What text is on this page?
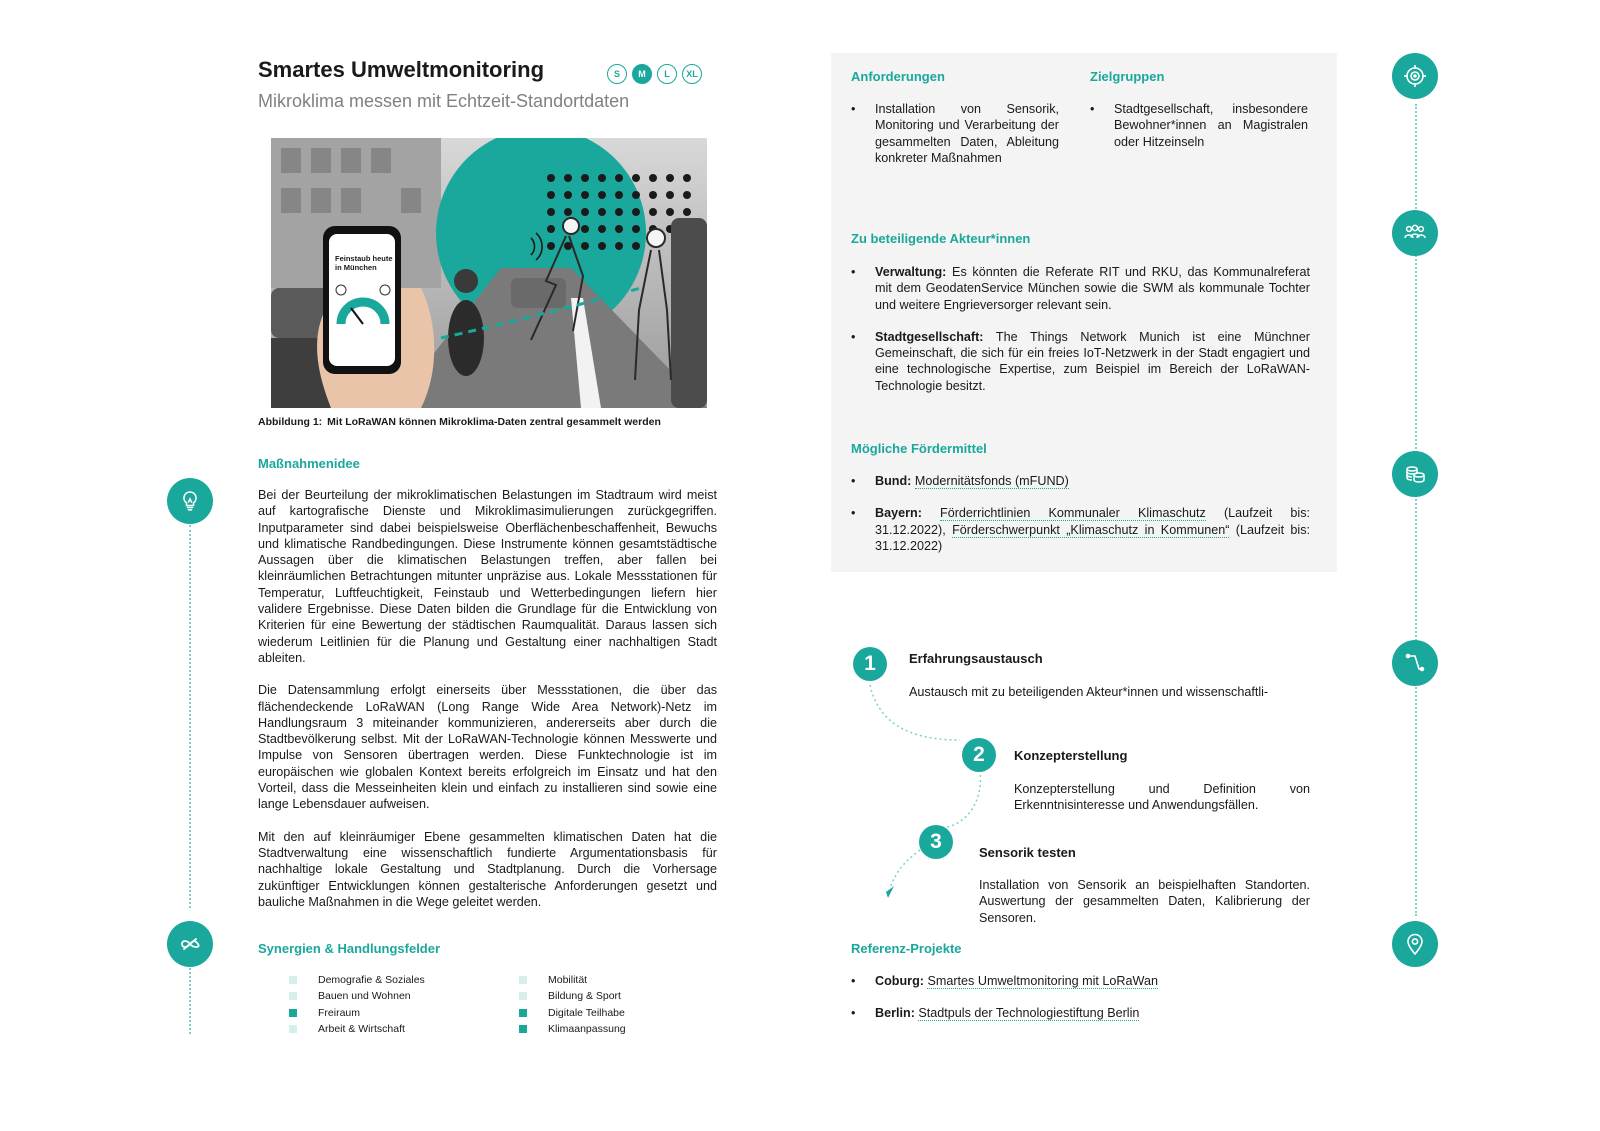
Smartes Umweltmonitoring	S	M	L	XL

Mikroklima messen mit Echtzeit-Standortdaten

Feinstaub heute in München
Abbildung 1: Mit LoRaWAN können Mikroklima-Daten zentral gesammelt werden
Maßnahmenidee

Bei der Beurteilung der mikroklimatischen Belastungen im Stadtraum wird meist auf kartografische Dienste und Mikroklimasimulierungen zurückgegriffen. Inputparameter sind dabei beispielsweise Oberflächenbeschaffenheit, Bewuchs und klimatische Randbedingungen. Diese Instrumente können gesamtstädtische Aussagen über die klimatischen Belastungen treffen, aber fallen bei kleinräumlichen Betrachtungen mitunter unpräzise aus. Lokale Messstationen für Temperatur, Luftfeuchtigkeit, Feinstaub und Wetterbedingungen liefern hier validere Ergebnisse. Diese Daten bilden die Grundlage für die Entwicklung von Kriterien für eine Bewertung der städtischen Raumqualität. Daraus lassen sich wiederum Leitlinien für die Planung und Gestaltung einer nachhaltigen Stadt ableiten.

Die Datensammlung erfolgt einerseits über Messstationen, die über das flächendeckende LoRaWAN (Long Range Wide Area Network)-Netz im Handlungsraum 3 miteinander kommunizieren, andererseits aber durch die Stadtbevölkerung selbst. Mit der LoRaWAN-Technologie können Messwerte und Impulse von Sensoren übertragen werden. Diese Funktechnologie ist im europäischen wie globalen Kontext bereits erfolgreich im Einsatz und hat den Vorteil, dass die Messeinheiten klein und einfach zu installieren sind sowie eine lange Lebensdauer aufweisen.

Mit den auf kleinräumiger Ebene gesammelten klimatischen Daten hat die Stadtverwaltung eine wissenschaftlich fundierte Argumentationsbasis für nachhaltige lokale Gestaltung und Stadtplanung. Durch die Vorhersage zukünftiger Entwicklungen können gestalterische Anforderungen gesetzt und bauliche Maßnahmen in die Wege geleitet werden.

Synergien & Handlungsfelder
Demografie & Soziales
Bauen und Wohnen
Freiraum
Arbeit & Wirtschaft
Mobilität
Bildung & Sport
Digitale Teilhabe
Klimaanpassung
Anforderungen
• Installation von Sensorik, Monitoring und Verarbeitung der gesammelten Daten, Ableitung konkreter Maßnahmen
Zielgruppen
• Stadtgesellschaft, insbesondere Bewohner*innen an Magistralen oder Hitzeinseln
Zu beteiligende Akteur*innen
• Verwaltung: Es könnten die Referate RIT und RKU, das Kommunalreferat mit dem GeodatenService München sowie die SWM als kommunale Tochter und weitere Engrieversorger relevant sein.
• Stadtgesellschaft: The Things Network Munich ist eine Münchner Gemeinschaft, die sich für ein freies IoT-Netzwerk in der Stadt engagiert und eine technologische Expertise, zum Beispiel im Bereich der LoRaWAN-Technologie besitzt.
Mögliche Fördermittel
• Bund: Modernitätsfonds (mFUND)
• Bayern: Förderrichtlinien Kommunaler Klimaschutz (Laufzeit bis: 31.12.2022), Förderschwerpunkt „Klimaschutz in Kommunen“ (Laufzeit bis: 31.12.2022)
1	Erfahrungsaustausch
Austausch mit zu beteiligenden Akteur*innen und wissenschaftli-
2	Konzepterstellung
Konzepterstellung und Definition von Erkenntnisinteresse und Anwendungsfällen.
3	Sensorik testen
Installation von Sensorik an beispielhaften Standorten. Auswertung der gesammelten Daten, Kalibrierung der Sensoren.
Referenz-Projekte
• Coburg: Smartes Umweltmonitoring mit LoRaWan
• Berlin: Stadtpuls der Technologiestiftung Berlin
